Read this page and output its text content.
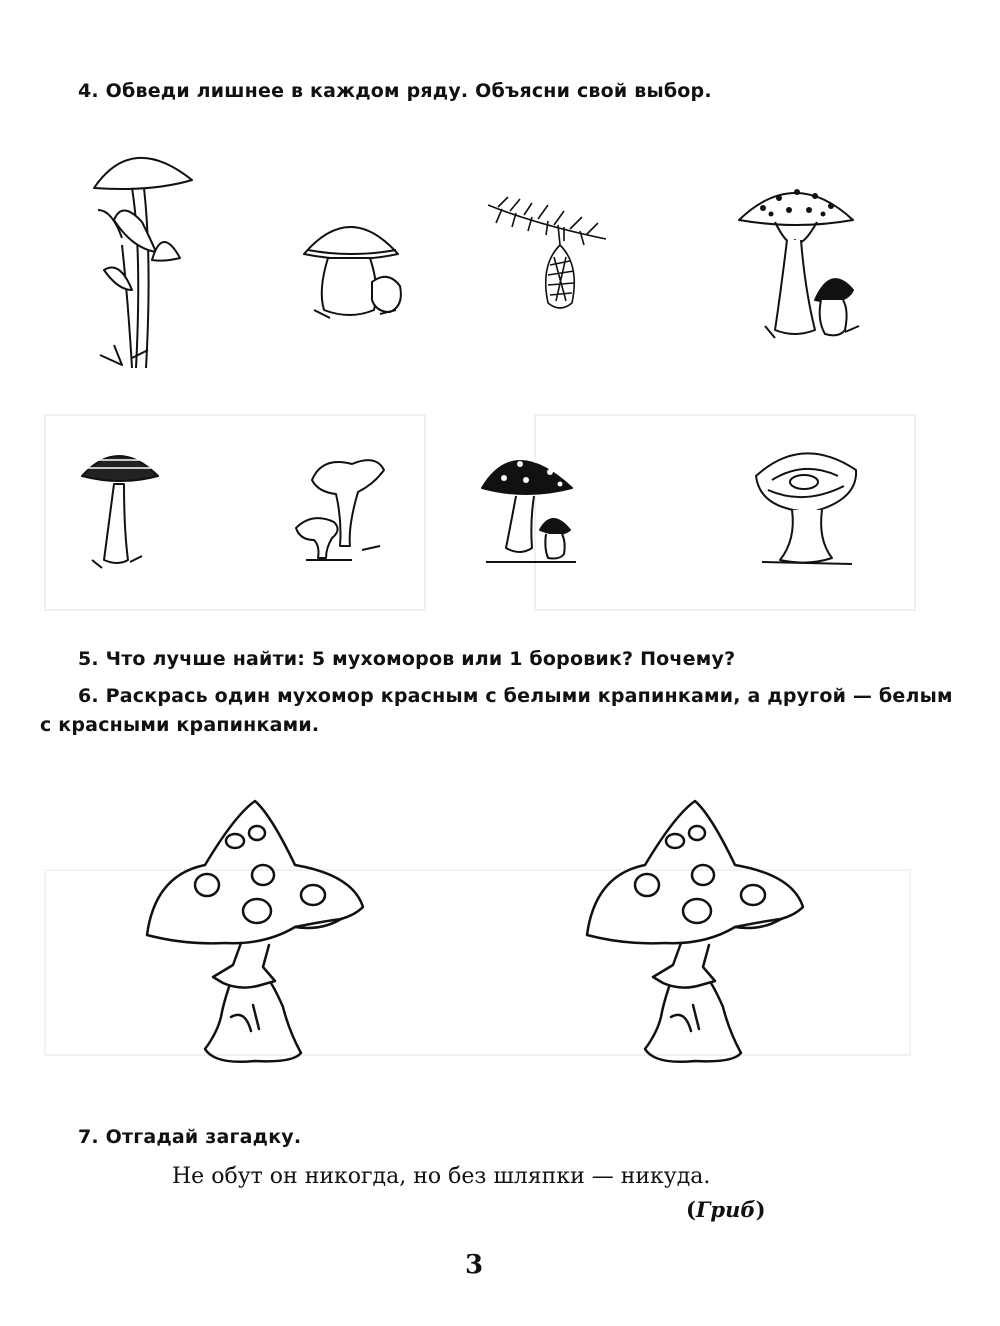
ㅤ
4. Обведи лишнее в каждом ряду. Объясни свой выбор.
5. Что лучше найти: 5 мухоморов или 1 боровик? Почему?
6. Раскрась один мухомор красным с белыми крапинками, а другой — белым
с красными крапинками.
7. Отгадай загадку.
Не обут он никогда, но без шляпки — никуда.
(Гриб)
3
